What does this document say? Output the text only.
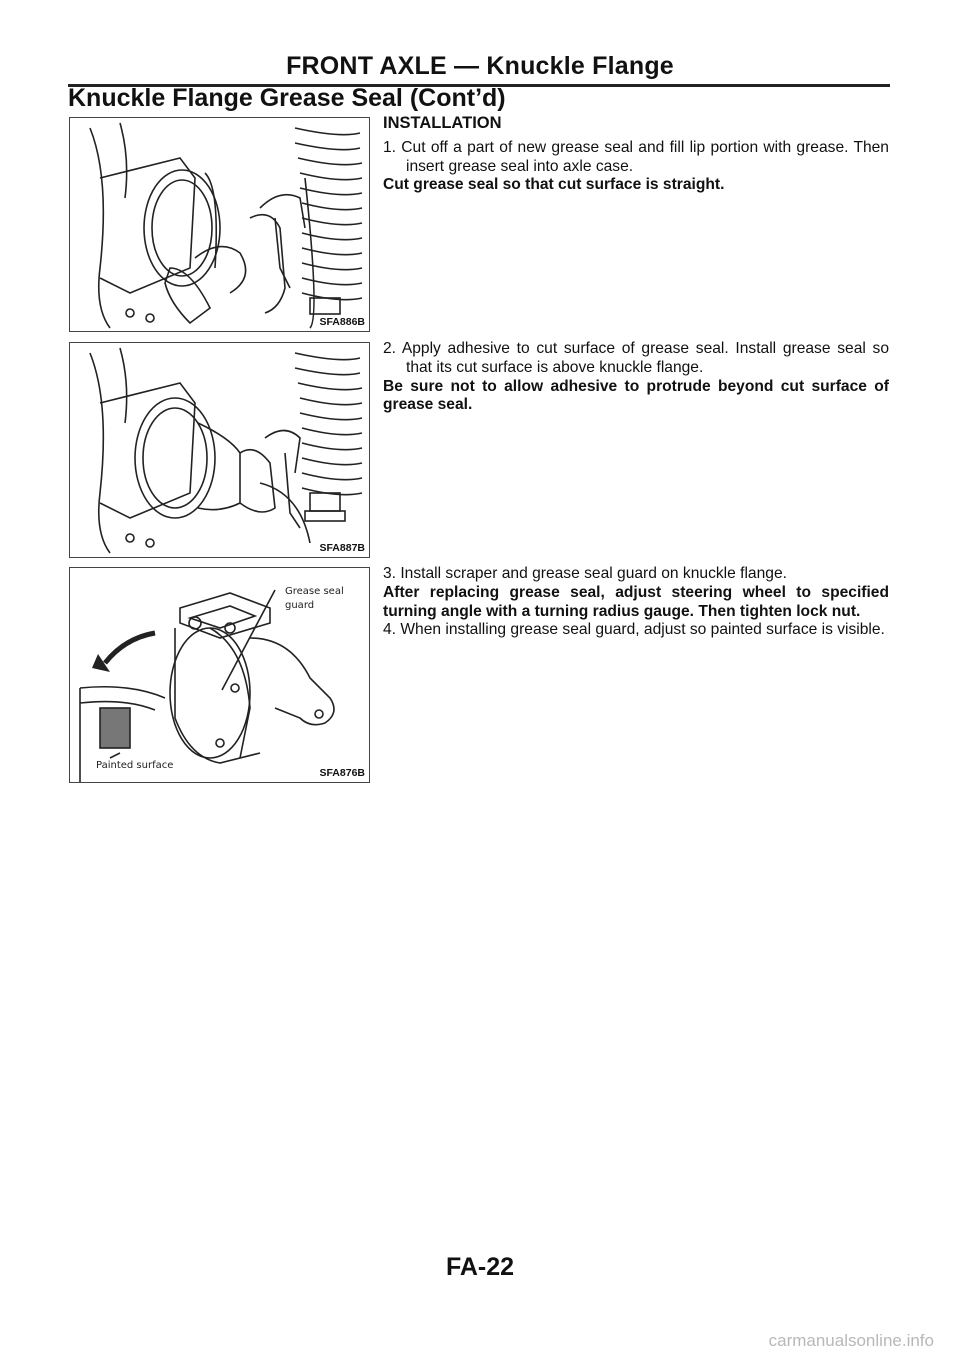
FRONT AXLE — Knuckle Flange
Knuckle Flange Grease Seal (Cont’d)
SFA886B
SFA887B
Grease seal
guard
Painted surface
SFA876B

INSTALLATION

1. Cut off a part of new grease seal and fill lip portion with grease. Then insert grease seal into axle case.

Cut grease seal so that cut surface is straight.

2. Apply adhesive to cut surface of grease seal. Install grease seal so that its cut surface is above knuckle flange.

Be sure not to allow adhesive to protrude beyond cut surface of grease seal.

3. Install scraper and grease seal guard on knuckle flange.

After replacing grease seal, adjust steering wheel to specified turning angle with a turning radius gauge. Then tighten lock nut.

4. When installing grease seal guard, adjust so painted surface is visible.

FA-22
carmanualsonline.info
